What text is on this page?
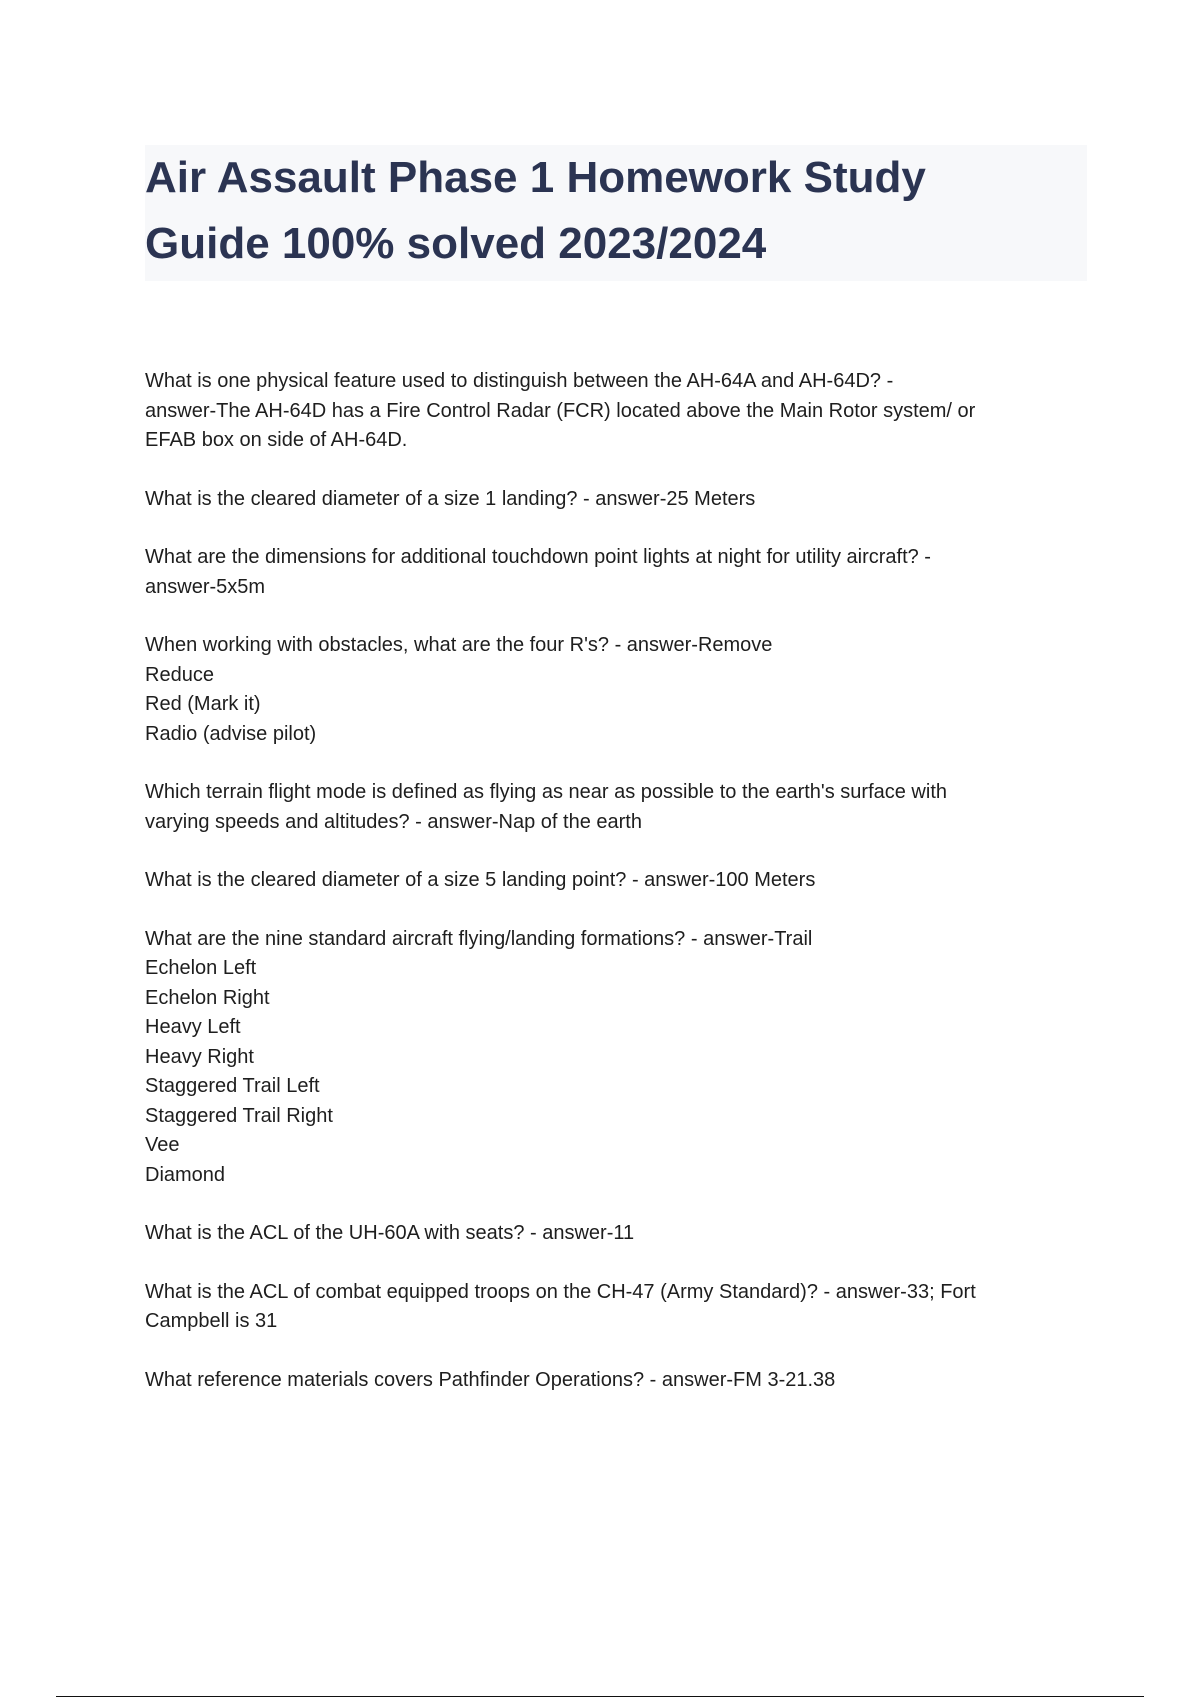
Air Assault Phase 1 Homework Study
Guide 100% solved 2023/2024

What is one physical feature used to distinguish between the AH-64A and AH-64D? -
answer-The AH-64D has a Fire Control Radar (FCR) located above the Main Rotor system/ or
EFAB box on side of AH-64D.

What is the cleared diameter of a size 1 landing? - answer-25 Meters

What are the dimensions for additional touchdown point lights at night for utility aircraft? -
answer-5x5m

When working with obstacles, what are the four R's? - answer-Remove
Reduce
Red (Mark it)
Radio (advise pilot)

Which terrain flight mode is defined as flying as near as possible to the earth's surface with
varying speeds and altitudes? - answer-Nap of the earth

What is the cleared diameter of a size 5 landing point? - answer-100 Meters

What are the nine standard aircraft flying/landing formations? - answer-Trail
Echelon Left
Echelon Right
Heavy Left
Heavy Right
Staggered Trail Left
Staggered Trail Right
Vee
Diamond

What is the ACL of the UH-60A with seats? - answer-11

What is the ACL of combat equipped troops on the CH-47 (Army Standard)? - answer-33; Fort
Campbell is 31

What reference materials covers Pathfinder Operations? - answer-FM 3-21.38
